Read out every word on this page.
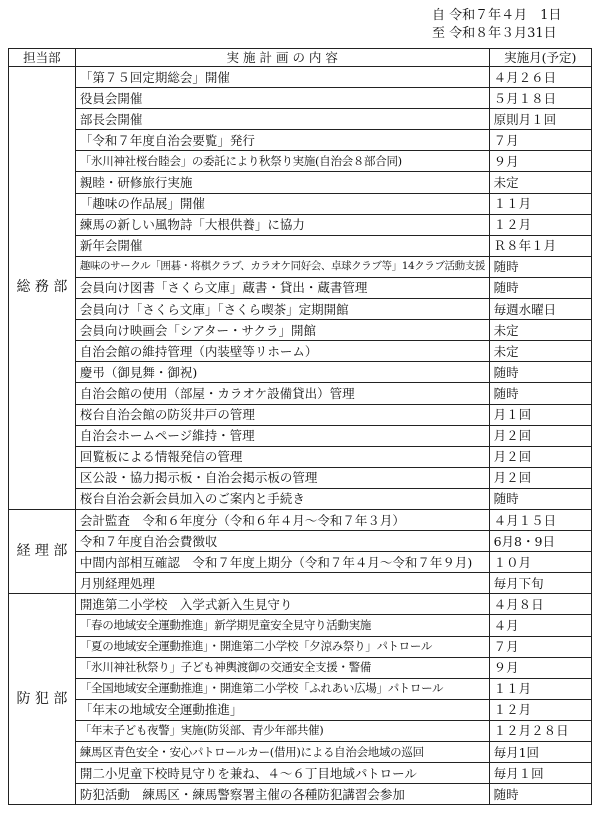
自 令和７年４月　1日
至 令和８年３月31日
担当部	実 施 計 画 の 内 容	実施月(予定)
総 務 部	「第７５回定期総会」開催	４月２６日
	役員会開催	５月１８日
	部長会開催	原則月１回
	「令和７年度自治会要覧」発行	７月
	「氷川神社桜台睦会」の委託により秋祭り実施(自治会８部合同)	９月
	親睦・研修旅行実施	未定
	「趣味の作品展」開催	１１月
	練馬の新しい風物詩「大根供養」に協力	１２月
	新年会開催	Ｒ８年１月
	趣味のサークル「囲碁・将棋クラブ、カラオケ同好会、卓球クラブ等」14クラブ活動支援	随時
	会員向け図書「さくら文庫」蔵書・貸出・蔵書管理	随時
	会員向け「さくら文庫」「さくら喫茶」定期開館	毎週水曜日
	会員向け映画会「シアター・サクラ」開館	未定
	自治会館の維持管理（内装壁等リホーム）	未定
	慶弔（御見舞・御祝)	随時
	自治会館の使用（部屋・カラオケ設備貸出）管理	随時
	桜台自治会館の防災井戸の管理	月１回
	自治会ホームページ維持・管理	月２回
	回覧板による情報発信の管理	月２回
	区公設・協力掲示板・自治会掲示板の管理	月２回
	桜台自治会新会員加入のご案内と手続き	随時
経 理 部	会計監査　令和６年度分（令和６年４月～令和７年３月）	４月１５日
	令和７年度自治会費徴収	6月8・9日
	中間内部相互確認　令和７年度上期分（令和７年４月～令和７年９月)	１０月
	月別経理処理	毎月下旬
防 犯 部	開進第二小学校　入学式新入生見守り	４月８日
	「春の地域安全運動推進」新学期児童安全見守り活動実施	４月
	「夏の地域安全運動推進」・開進第二小学校「夕涼み祭り」パトロール	７月
	「氷川神社秋祭り」子ども神輿渡御の交通安全支援・警備	９月
	「全国地域安全運動推進」・開進第二小学校「ふれあい広場」パトロール	１１月
	「年末の地域安全運動推進」	１２月
	「年末子ども夜警」実施(防災部、青少年部共催)	１２月２８日
	練馬区青色安全・安心パトロールカー(借用)による自治会地域の巡回	毎月1回
	開二小児童下校時見守りを兼ね、４～６丁目地域パトロール	毎月１回
	防犯活動　練馬区・練馬警察署主催の各種防犯講習会参加	随時
